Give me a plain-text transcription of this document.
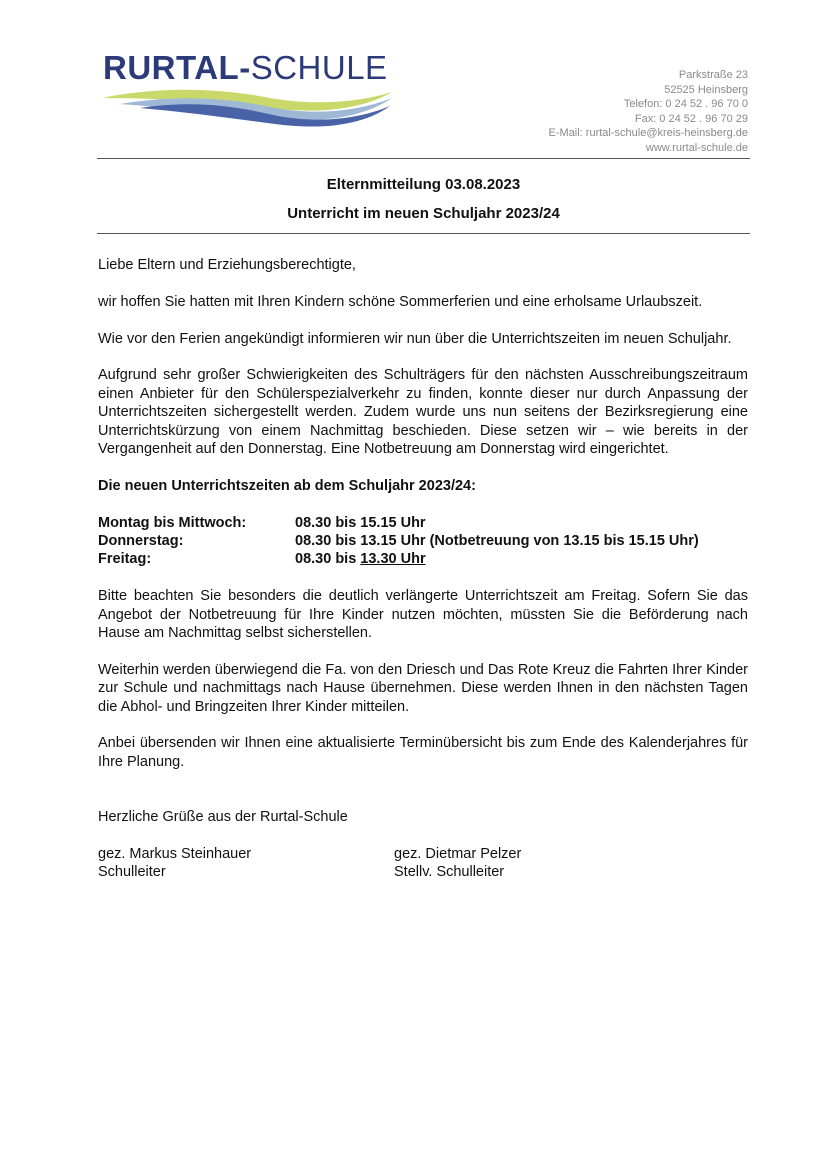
RURTAL-SCHULE	Parkstraße 23
52525 Heinsberg
Telefon: 0 24 52 . 96 70 0
Fax: 0 24 52 . 96 70 29
E-Mail: rurtal-schule@kreis-heinsberg.de
www.rurtal-schule.de
Elternmitteilung 03.08.2023
Unterricht im neuen Schuljahr 2023/24

Liebe Eltern und Erziehungsberechtigte,

wir hoffen Sie hatten mit Ihren Kindern schöne Sommerferien und eine erholsame Urlaubszeit.

Wie vor den Ferien angekündigt informieren wir nun über die Unterrichtszeiten im neuen Schuljahr.

Aufgrund sehr großer Schwierigkeiten des Schulträgers für den nächsten Ausschreibungszeitraum einen Anbieter für den Schülerspezialverkehr zu finden, konnte dieser nur durch Anpassung der Unterrichtszeiten sichergestellt werden. Zudem wurde uns nun seitens der Bezirksregierung eine Unterrichtskürzung von einem Nachmittag beschieden. Diese setzen wir – wie bereits in der Vergangenheit auf den Donnerstag. Eine Notbetreuung am Donnerstag wird eingerichtet.

Die neuen Unterrichtszeiten ab dem Schuljahr 2023/24:

Montag bis Mittwoch:	08.30 bis 15.15 Uhr
Donnerstag:	08.30 bis 13.15 Uhr (Notbetreuung von 13.15 bis 15.15 Uhr)
Freitag:	08.30 bis 13.30 Uhr

Bitte beachten Sie besonders die deutlich verlängerte Unterrichtszeit am Freitag. Sofern Sie das Angebot der Notbetreuung für Ihre Kinder nutzen möchten, müssten Sie die Beförderung nach Hause am Nachmittag selbst sicherstellen.

Weiterhin werden überwiegend die Fa. von den Driesch und Das Rote Kreuz die Fahrten Ihrer Kinder zur Schule und nachmittags nach Hause übernehmen. Diese werden Ihnen in den nächsten Tagen die Abhol- und Bringzeiten Ihrer Kinder mitteilen.

Anbei übersenden wir Ihnen eine aktualisierte Terminübersicht bis zum Ende des Kalenderjahres für Ihre Planung.

Herzliche Grüße aus der Rurtal-Schule

gez. Markus Steinhauer
Schulleiter
gez. Dietmar Pelzer
Stellv. Schulleiter
